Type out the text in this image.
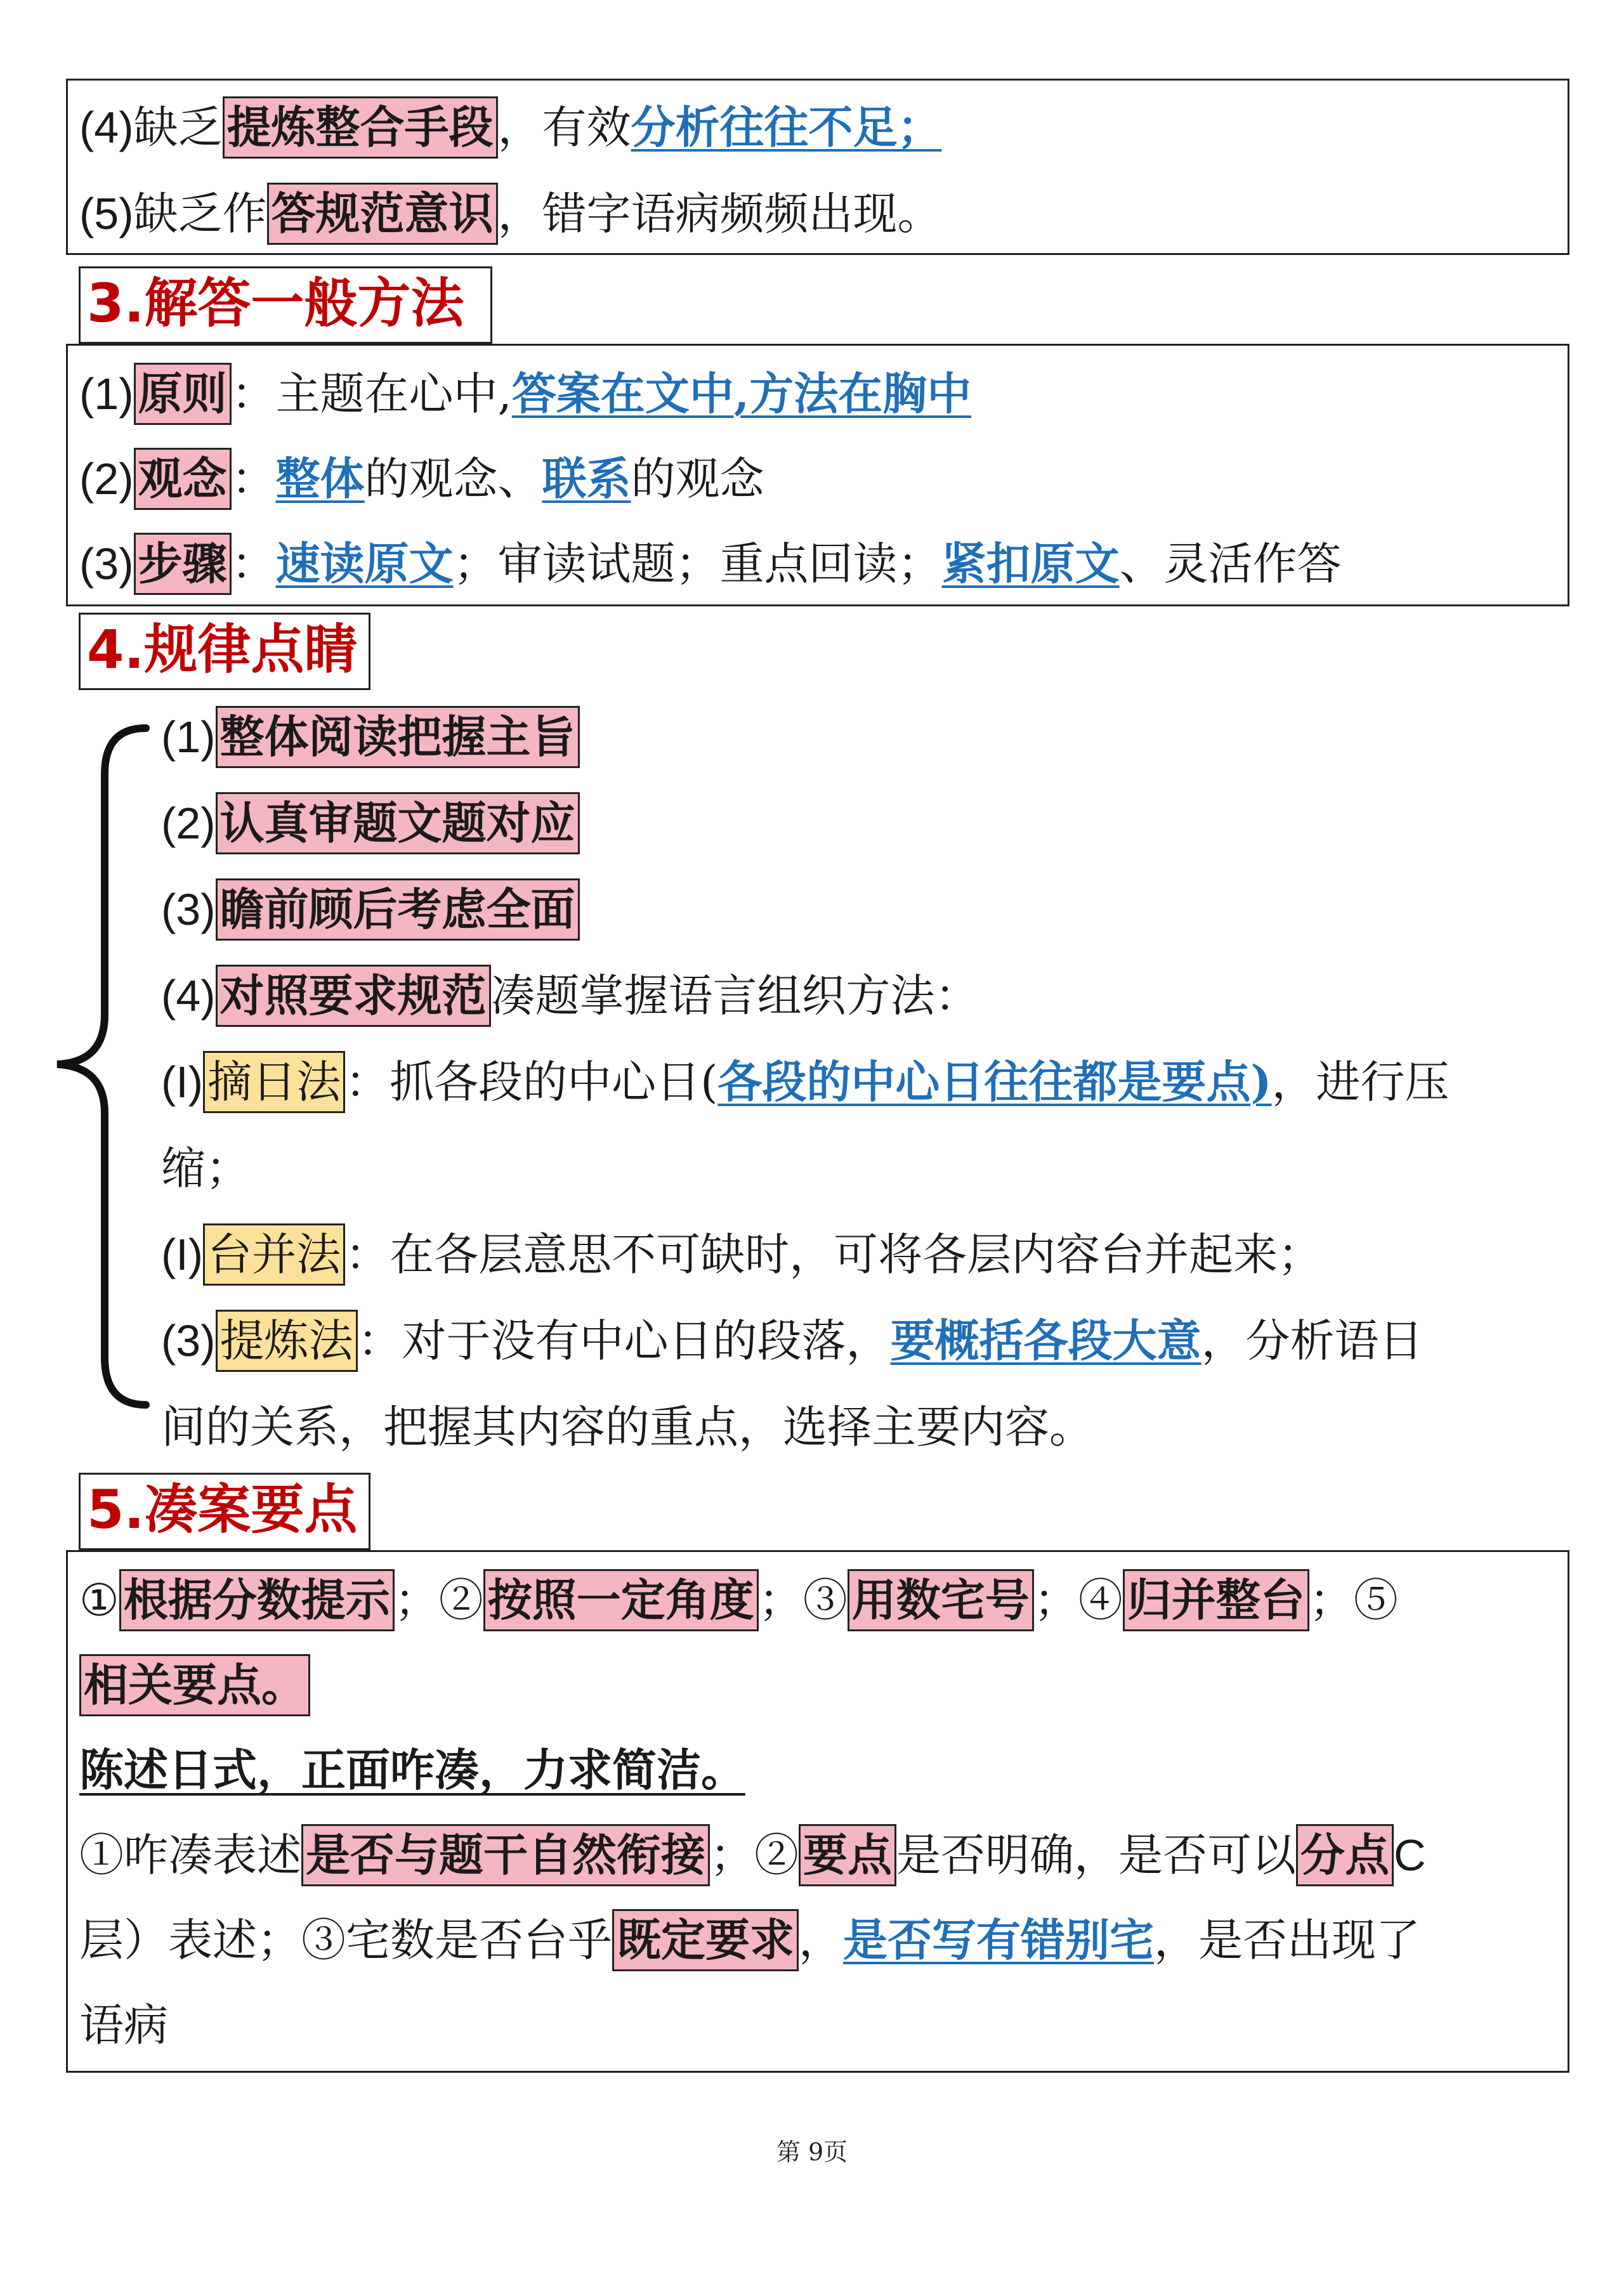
(4)缺乏 提炼整合手段 ，有效分析往往不足；
(5)缺乏作 答规范意识 ，错字语病频频出现。
3.解答一般方法
(1) 原则 ：主题在心中,答案在文中,方法在胸中
(2) 观念 ：整体的观念、联系的观念
(3) 步骤 ：速读原文；审读试题；重点回读；紧扣原文、灵活作答
4.规律点睛
(1) 整体阅读把握主旨
(2) 认真审题文题对应
(3) 瞻前顾后考虑全面
(4) 对照要求规范 凑题掌握语言组织方法：
(I) 摘日法 ：抓各段的中心日(各段的中心日往往都是要点)，进行压
缩；
(I) 台并法 ：在各层意思不可缺时，可将各层内容台并起来；
(3) 提炼法 ：对于没有中心日的段落，要概括各段大意，分析语日
间的关系，把握其内容的重点，选择主要内容。
5.凑案要点
① 根据分数提示 ；② 按照一定角度 ；③ 用数宅号 ；④ 归并整台 ；⑤
相关要点。
陈述日式，正面咋凑，力求简洁。
①咋凑表述 是否与题干自然衔接 ；② 要点 是否明确，是否可以 分点 C
层）表述；③宅数是否台乎 既定要求 ，是否写有错别宅，是否出现了
语病
第 9页
